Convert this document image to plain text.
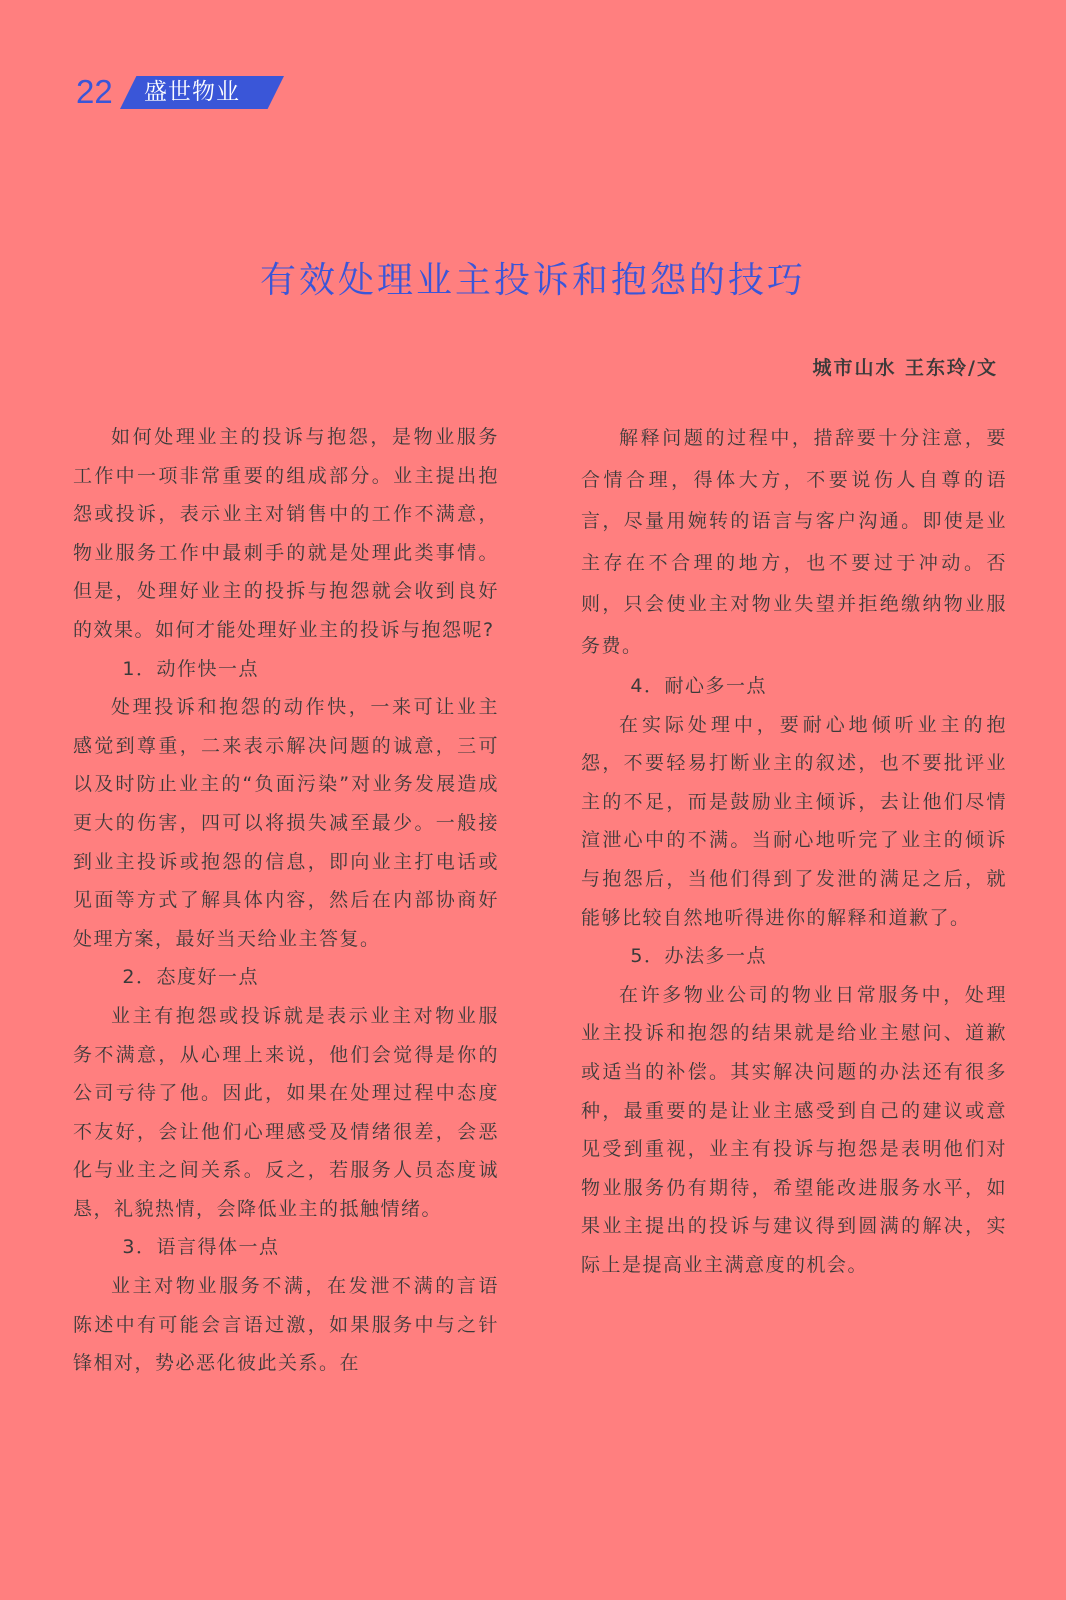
22 盛世物业
有效处理业主投诉和抱怨的技巧
城市山水 王东玲/文

如何处理业主的投诉与抱怨，是物业服务工作中一项非常重要的组成部分。业主提出抱怨或投诉，表示业主对销售中的工作不满意，物业服务工作中最刺手的就是处理此类事情。但是，处理好业主的投拆与抱怨就会收到良好的效果。如何才能处理好业主的投诉与抱怨呢?

1．动作快一点

处理投诉和抱怨的动作快，一来可让业主感觉到尊重，二来表示解决问题的诚意，三可以及时防止业主的“负面污染”对业务发展造成更大的伤害，四可以将损失减至最少。一般接到业主投诉或抱怨的信息，即向业主打电话或见面等方式了解具体内容，然后在内部协商好处理方案，最好当天给业主答复。

2．态度好一点

业主有抱怨或投诉就是表示业主对物业服务不满意，从心理上来说，他们会觉得是你的公司亏待了他。因此，如果在处理过程中态度不友好，会让他们心理感受及情绪很差，会恶化与业主之间关系。反之，若服务人员态度诚恳，礼貌热情，会降低业主的抵触情绪。

3．语言得体一点

业主对物业服务不满，在发泄不满的言语陈述中有可能会言语过激，如果服务中与之针锋相对，势必恶化彼此关系。在

解释问题的过程中，措辞要十分注意，要合情合理，得体大方，不要说伤人自尊的语言，尽量用婉转的语言与客户沟通。即使是业主存在不合理的地方，也不要过于冲动。否则，只会使业主对物业失望并拒绝缴纳物业服务费。

4．耐心多一点

在实际处理中，要耐心地倾听业主的抱怨，不要轻易打断业主的叙述，也不要批评业主的不足，而是鼓励业主倾诉，去让他们尽情渲泄心中的不满。当耐心地听完了业主的倾诉与抱怨后，当他们得到了发泄的满足之后，就能够比较自然地听得进你的解释和道歉了。

5．办法多一点

在许多物业公司的物业日常服务中，处理业主投诉和抱怨的结果就是给业主慰问、道歉或适当的补偿。其实解决问题的办法还有很多种，最重要的是让业主感受到自己的建议或意见受到重视，业主有投诉与抱怨是表明他们对物业服务仍有期待，希望能改进服务水平，如果业主提出的投诉与建议得到圆满的解决，实际上是提高业主满意度的机会。
